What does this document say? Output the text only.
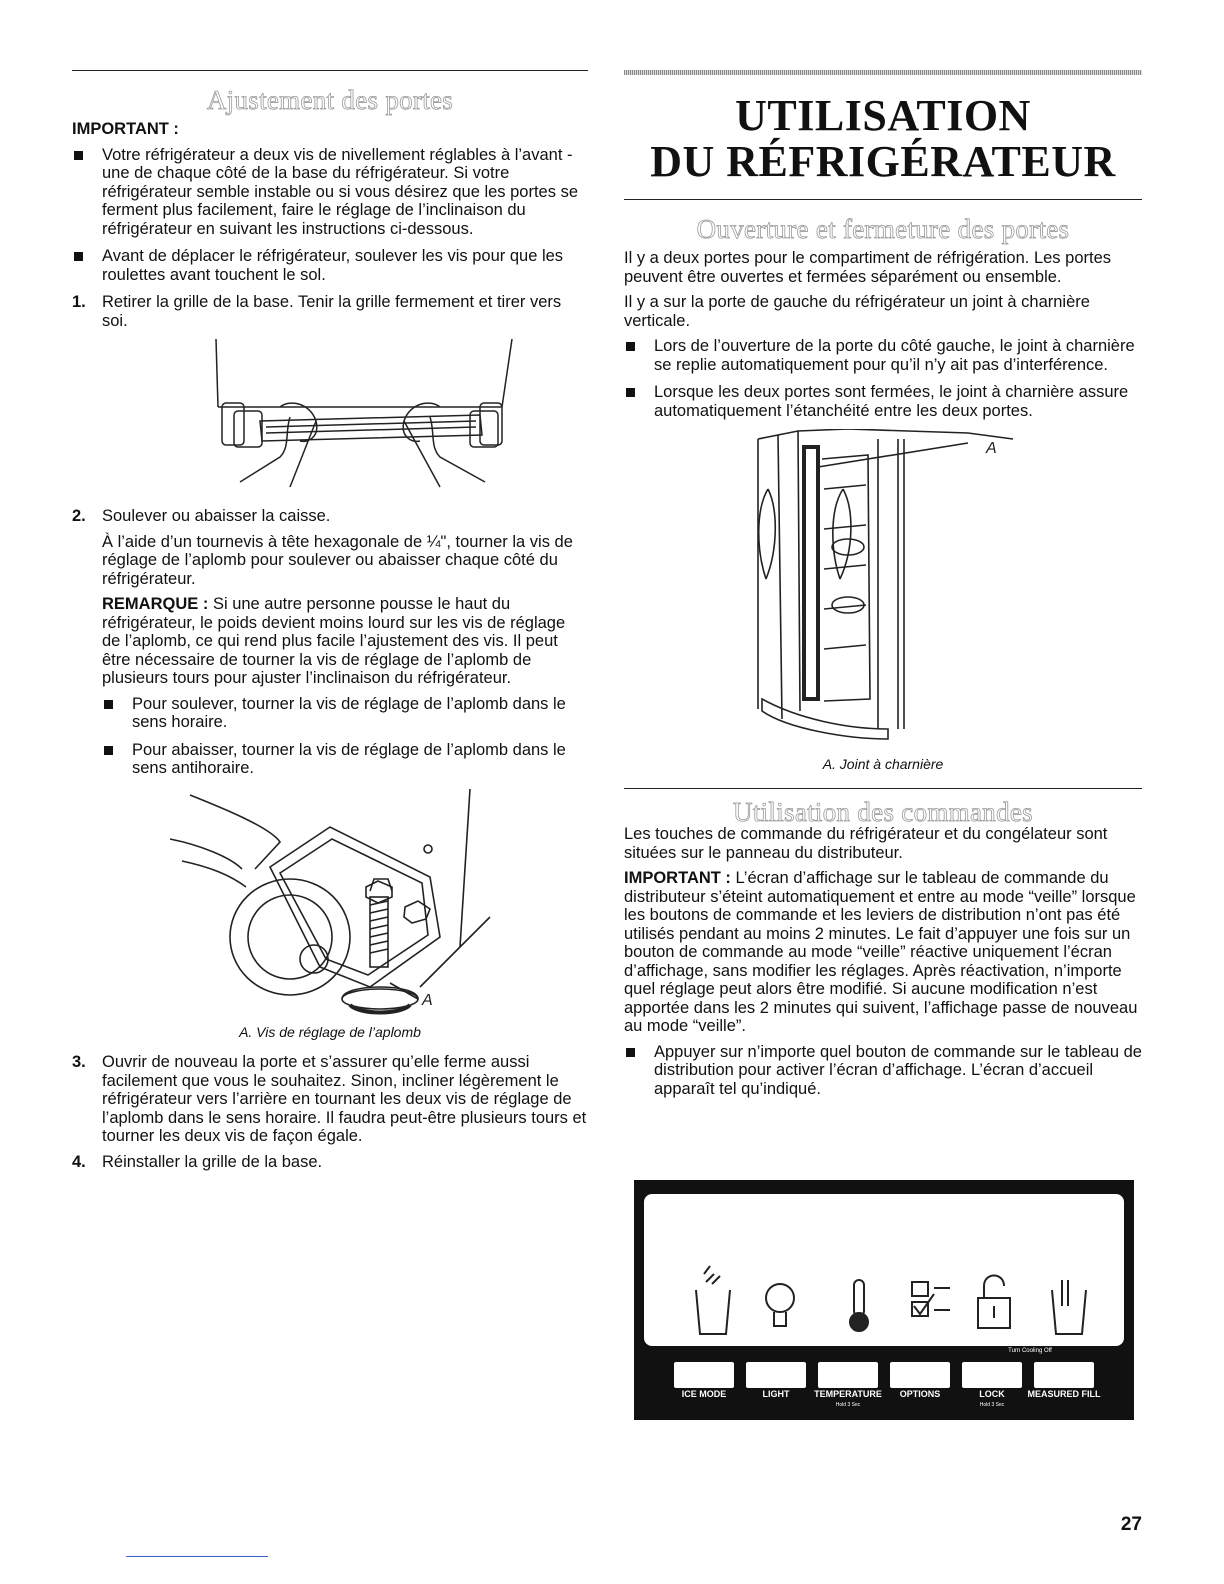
Ajustement des portes

IMPORTANT :

Votre réfrigérateur a deux vis de nivellement réglables à l’avant - une de chaque côté de la base du réfrigérateur. Si votre réfrigérateur semble instable ou si vous désirez que les portes se ferment plus facilement, faire le réglage de l’inclinaison du réfrigérateur en suivant les instructions ci-dessous.
Avant de déplacer le réfrigérateur, soulever les vis pour que les roulettes avant touchent le sol.
1. Retirer la grille de la base. Tenir la grille fermement et tirer vers soi.
2. Soulever ou abaisser la caisse.

À l’aide d’un tournevis à tête hexagonale de ¼", tourner la vis de réglage de l’aplomb pour soulever ou abaisser chaque côté du réfrigérateur.

REMARQUE : Si une autre personne pousse le haut du réfrigérateur, le poids devient moins lourd sur les vis de réglage de l’aplomb, ce qui rend plus facile l’ajustement des vis. Il peut être nécessaire de tourner la vis de réglage de l’aplomb de plusieurs tours pour ajuster l’inclinaison du réfrigérateur.

Pour soulever, tourner la vis de réglage de l’aplomb dans le sens horaire.
Pour abaisser, tourner la vis de réglage de l’aplomb dans le sens antihoraire.
A
A. Vis de réglage de l’aplomb
3. Ouvrir de nouveau la porte et s’assurer qu’elle ferme aussi facilement que vous le souhaitez. Sinon, incliner légèrement le réfrigérateur vers l’arrière en tournant les deux vis de réglage de l’aplomb dans le sens horaire. Il faudra peut-être plusieurs tours et tourner les deux vis de façon égale.
4. Réinstaller la grille de la base.
UTILISATION
DU RÉFRIGÉRATEUR
Ouverture et fermeture des portes

Il y a deux portes pour le compartiment de réfrigération. Les portes peuvent être ouvertes et fermées séparément ou ensemble.

Il y a sur la porte de gauche du réfrigérateur un joint à charnière verticale.

Lors de l’ouverture de la porte du côté gauche, le joint à charnière se replie automatiquement pour qu’il n’y ait pas d’interférence.
Lorsque les deux portes sont fermées, le joint à charnière assure automatiquement l’étanchéité entre les deux portes.
A
A. Joint à charnière
Utilisation des commandes

Les touches de commande du réfrigérateur et du congélateur sont situées sur le panneau du distributeur.

IMPORTANT : L’écran d’affichage sur le tableau de commande du distributeur s’éteint automatiquement et entre au mode “veille” lorsque les boutons de commande et les leviers de distribution n’ont pas été utilisés pendant au moins 2 minutes. Le fait d’appuyer une fois sur un bouton de commande au mode “veille” réactive uniquement l’écran d’affichage, sans modifier les réglages. Après réactivation, n’importe quel réglage peut alors être modifié. Si aucune modification n’est apportée dans les 2 minutes qui suivent, l’affichage passe de nouveau au mode “veille”.

Appuyer sur n’importe quel bouton de commande sur le tableau de distribution pour activer l’écran d’affichage. L’écran d’accueil apparaît tel qu’indiqué.
Turn Cooling Off
ICE MODE	LIGHT	TEMPERATURE
Hold 3 Sec
OPTIONS	LOCK
Hold 3 Sec
MEASURED FILL
27
